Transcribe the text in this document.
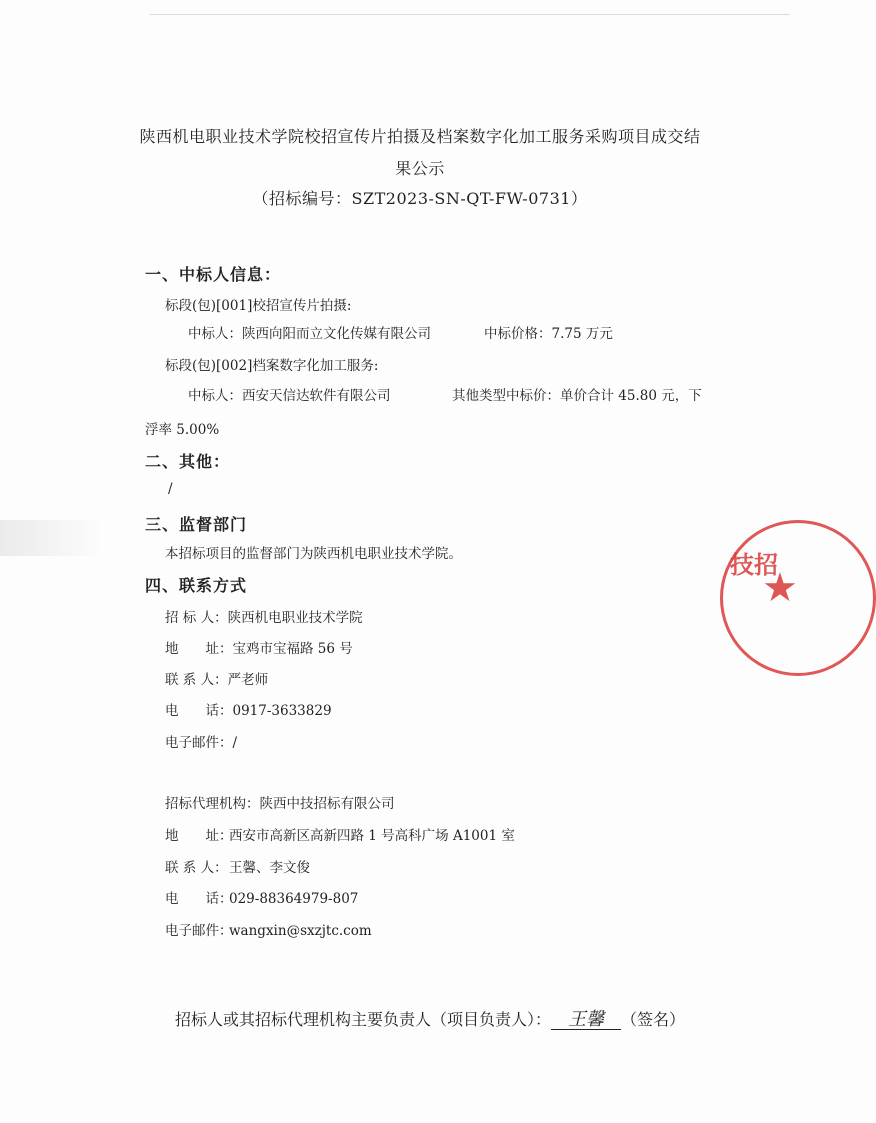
陕西机电职业技术学院校招宣传片拍摄及档案数字化加工服务采购项目成交结
果公示
（招标编号：SZT2023-SN-QT-FW-0731）
一、中标人信息：
标段(包)[001]校招宣传片拍摄:
中标人：陕西向阳而立文化传媒有限公司	中标价格：7.75 万元
标段(包)[002]档案数字化加工服务:
中标人：西安天信达软件有限公司	其他类型中标价：单价合计 45.80 元，下
浮率 5.00%
二、其他：
/
三、监督部门
本招标项目的监督部门为陕西机电职业技术学院。
四、联系方式
招 标 人：陕西机电职业技术学院
地　　址：宝鸡市宝福路 56 号
联 系 人：严老师
电　　话：0917-3633829
电子邮件：/
招标代理机构：陕西中技招标有限公司
地　　址：西安市高新区高新四路 1 号高科广场 A1001 室
联 系 人：王馨、李文俊
电　　话：029-88364979-807
电子邮件：wangxin@sxzjtc.com
技招
★
招标人或其招标代理机构主要负责人（项目负责人）： 王馨 （签名）
